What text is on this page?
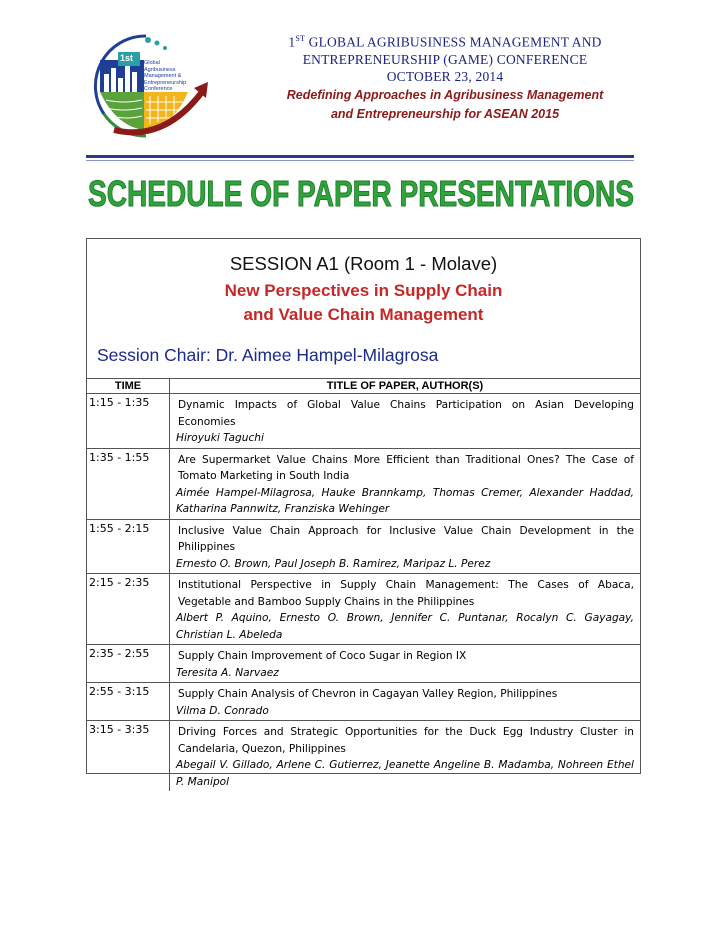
1st Global
Agribusiness
Management &
Entrepreneurship Conference
1ST GLOBAL AGRIBUSINESS MANAGEMENT AND
ENTREPRENEURSHIP (GAME) CONFERENCE
OCTOBER 23, 2014
Redefining Approaches in Agribusiness Management
and Entrepreneurship for ASEAN 2015
SCHEDULE OF PAPER PRESENTATIONS
SESSION A1 (Room 1 - Molave)
New Perspectives in Supply Chain
and Value Chain Management
Session Chair: Dr. Aimee Hampel-Milagrosa
TIME	TITLE OF PAPER, AUTHOR(S)
1:15 - 1:35	Dynamic Impacts of Global Value Chains Participation on Asian Developing Economies
Hiroyuki Taguchi

1:35 - 1:55	Are Supermarket Value Chains More Efficient than Traditional Ones? The Case of Tomato Marketing in South India
Aimée Hampel-Milagrosa, Hauke Brannkamp, Thomas Cremer, Alexander Haddad, Katharina Pannwitz, Franziska Wehinger

1:55 - 2:15	Inclusive Value Chain Approach for Inclusive Value Chain Development in the Philippines
Ernesto O. Brown, Paul Joseph B. Ramirez, Maripaz L. Perez

2:15 - 2:35	Institutional Perspective in Supply Chain Management: The Cases of Abaca, Vegetable and Bamboo Supply Chains in the Philippines
Albert P. Aquino, Ernesto O. Brown, Jennifer C. Puntanar, Rocalyn C. Gayagay, Christian L. Abeleda

2:35 - 2:55	Supply Chain Improvement of Coco Sugar in Region IX
Teresita A. Narvaez

2:55 - 3:15	Supply Chain Analysis of Chevron in Cagayan Valley Region, Philippines
Vilma D. Conrado

3:15 - 3:35	Driving Forces and Strategic Opportunities for the Duck Egg Industry Cluster in Candelaria, Quezon, Philippines
Abegail V. Gillado, Arlene C. Gutierrez, Jeanette Angeline B. Madamba, Nohreen Ethel P. Manipol
